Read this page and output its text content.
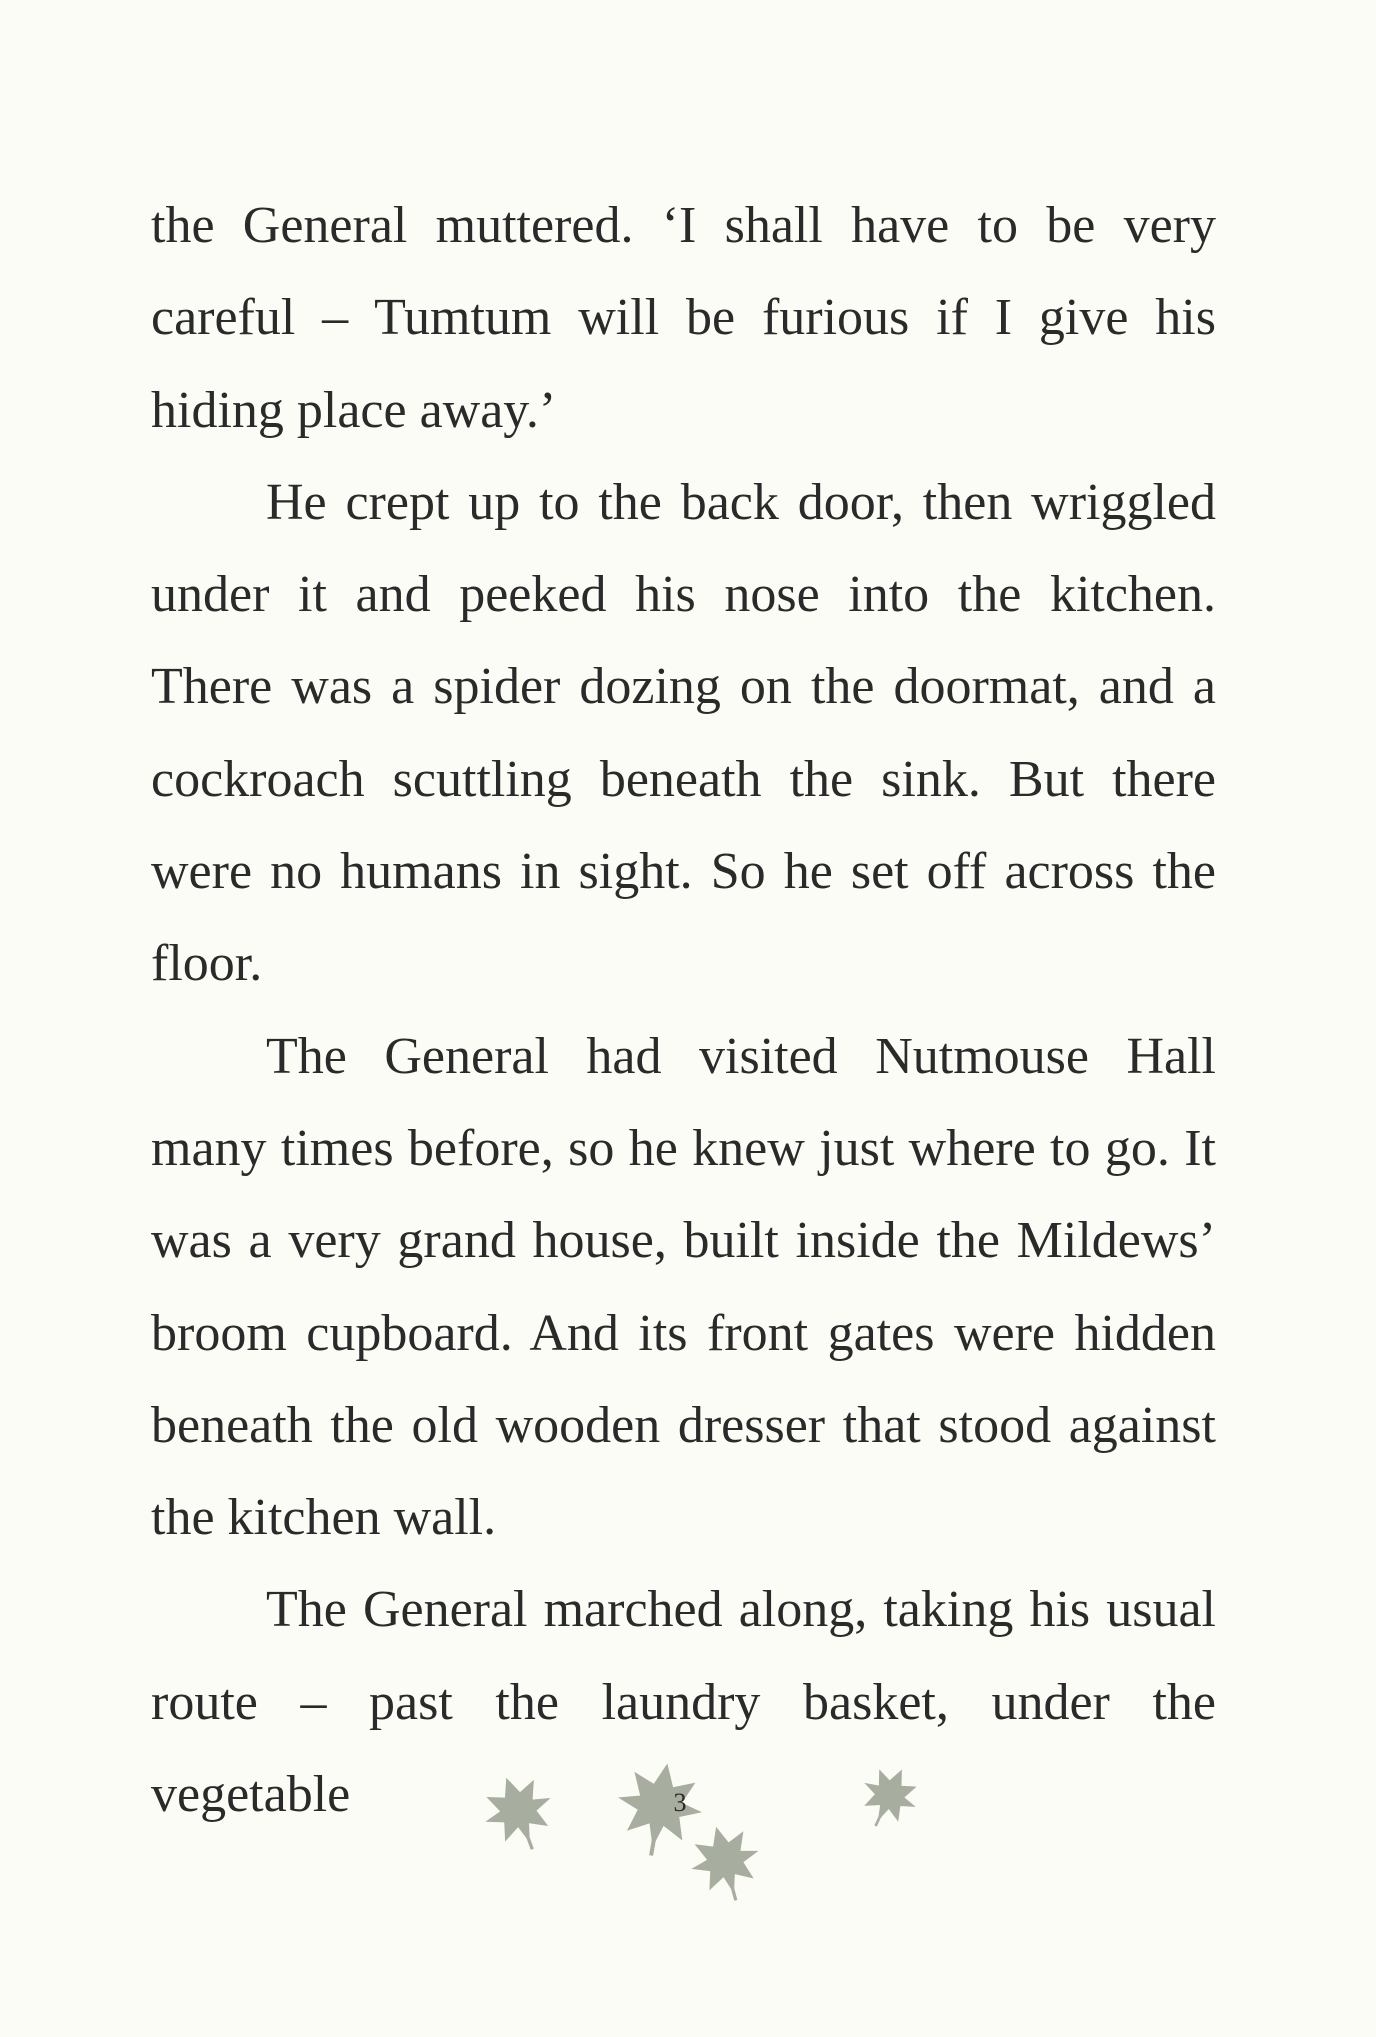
the General muttered. ‘I shall have to be very careful – Tumtum will be furious if I give his hiding place away.’

He crept up to the back door, then wriggled under it and peeked his nose into the kitchen. There was a spider dozing on the doormat, and a cockroach scuttling beneath the sink. But there were no humans in sight. So he set off across the floor.

The General had visited Nutmouse Hall many times before, so he knew just where to go. It was a very grand house, built inside the Mildews’ broom cupboard. And its front gates were hidden beneath the old wooden dresser that stood against the kitchen wall.

The General marched along, taking his usual route – past the laundry basket, under the vegetable	3
